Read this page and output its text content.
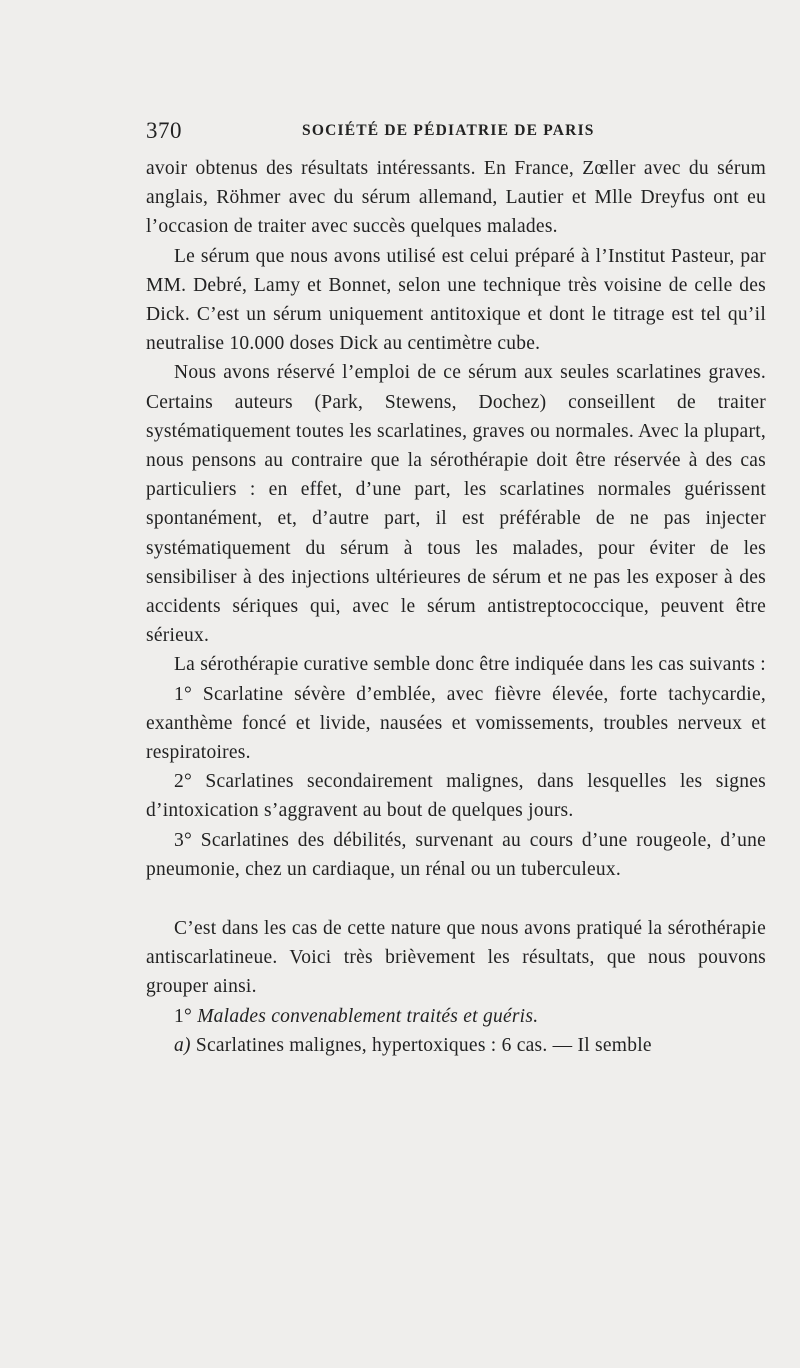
370	SOCIÉTÉ DE PÉDIATRIE DE PARIS

avoir obtenus des résultats intéressants. En France, Zœller avec du sérum anglais, Röhmer avec du sérum allemand, Lautier et Mlle Dreyfus ont eu l’occasion de traiter avec succès quelques malades.

Le sérum que nous avons utilisé est celui préparé à l’Institut Pasteur, par MM. Debré, Lamy et Bonnet, selon une technique très voisine de celle des Dick. C’est un sérum uniquement antitoxique et dont le titrage est tel qu’il neutralise 10.000 doses Dick au centimètre cube.

Nous avons réservé l’emploi de ce sérum aux seules scarlatines graves. Certains auteurs (Park, Stewens, Dochez) conseillent de traiter systématiquement toutes les scarlatines, graves ou normales. Avec la plupart, nous pensons au contraire que la sérothérapie doit être réservée à des cas particuliers : en effet, d’une part, les scarlatines normales guérissent spontanément, et, d’autre part, il est préférable de ne pas injecter systématiquement du sérum à tous les malades, pour éviter de les sensibiliser à des injections ultérieures de sérum et ne pas les exposer à des accidents sériques qui, avec le sérum antistreptococcique, peuvent être sérieux.

La sérothérapie curative semble donc être indiquée dans les cas suivants :

1° Scarlatine sévère d’emblée, avec fièvre élevée, forte tachycardie, exanthème foncé et livide, nausées et vomissements, troubles nerveux et respiratoires.

2° Scarlatines secondairement malignes, dans lesquelles les signes d’intoxication s’aggravent au bout de quelques jours.

3° Scarlatines des débilités, survenant au cours d’une rougeole, d’une pneumonie, chez un cardiaque, un rénal ou un tuberculeux.

C’est dans les cas de cette nature que nous avons pratiqué la sérothérapie antiscarlatineue. Voici très brièvement les résultats, que nous pouvons grouper ainsi.

1° Malades convenablement traités et guéris.

a) Scarlatines malignes, hypertoxiques : 6 cas. — Il semble
